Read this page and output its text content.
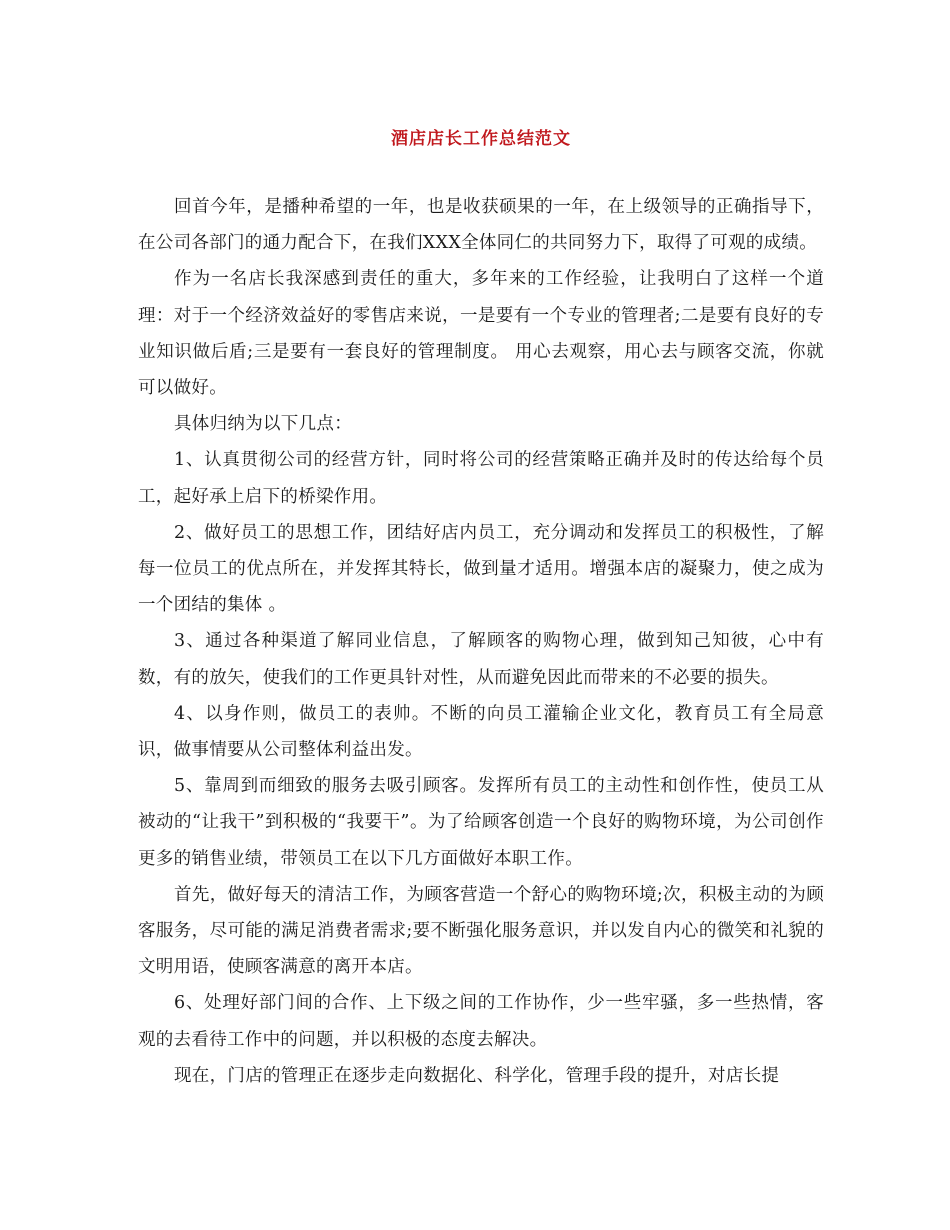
酒店店长工作总结范文

回首今年，是播种希望的一年，也是收获硕果的一年，在上级领导的正确指导下，在公司各部门的通力配合下，在我们XXX全体同仁的共同努力下，取得了可观的成绩。

作为一名店长我深感到责任的重大，多年来的工作经验，让我明白了这样一个道理：对于一个经济效益好的零售店来说，一是要有一个专业的管理者;二是要有良好的专业知识做后盾;三是要有一套良好的管理制度。 用心去观察，用心去与顾客交流，你就可以做好。

具体归纳为以下几点：

1、认真贯彻公司的经营方针，同时将公司的经营策略正确并及时的传达给每个员工，起好承上启下的桥梁作用。

2、做好员工的思想工作，团结好店内员工，充分调动和发挥员工的积极性，了解每一位员工的优点所在，并发挥其特长，做到量才适用。增强本店的凝聚力，使之成为一个团结的集体 。

3、通过各种渠道了解同业信息，了解顾客的购物心理，做到知己知彼，心中有数，有的放矢，使我们的工作更具针对性，从而避免因此而带来的不必要的损失。

4、以身作则，做员工的表帅。不断的向员工灌输企业文化，教育员工有全局意识，做事情要从公司整体利益出发。

5、靠周到而细致的服务去吸引顾客。发挥所有员工的主动性和创作性，使员工从被动的“让我干”到积极的“我要干”。为了给顾客创造一个良好的购物环境，为公司创作更多的销售业绩，带领员工在以下几方面做好本职工作。

首先，做好每天的清洁工作，为顾客营造一个舒心的购物环境;次，积极主动的为顾客服务，尽可能的满足消费者需求;要不断强化服务意识，并以发自内心的微笑和礼貌的文明用语，使顾客满意的离开本店。

6、处理好部门间的合作、上下级之间的工作协作，少一些牢骚，多一些热情，客观的去看待工作中的问题，并以积极的态度去解决。

现在，门店的管理正在逐步走向数据化、科学化，管理手段的提升，对店长提
